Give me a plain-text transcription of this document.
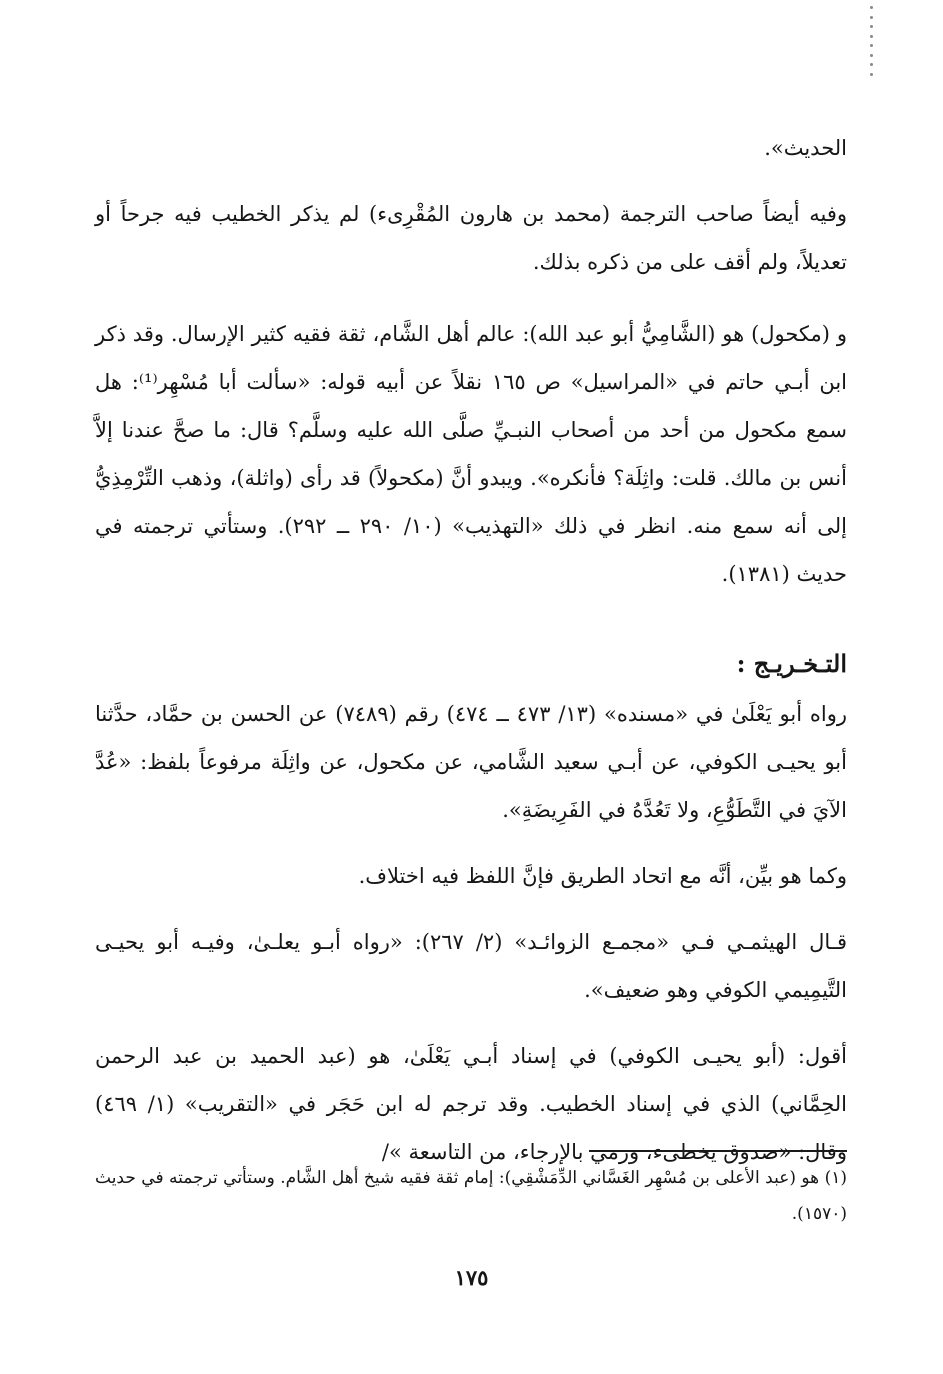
الحديث».

وفيه أيضاً صاحب الترجمة (محمد بن هارون المُقْرِىء) لم يذكر الخطيب فيه جرحاً أو تعديلاً، ولم أقف على من ذكره بذلك.

و (مكحول) هو (الشَّامِيُّ أبو عبد الله): عالم أهل الشَّام، ثقة فقيه كثير الإرسال. وقد ذكر ابن أبـي حاتم في «المراسيل» ص ١٦٥ نقلاً عن أبيه قوله: «سألت أبا مُسْهِر⁽¹⁾: هل سمع مكحول من أحد من أصحاب النبـيِّ صلَّى الله عليه وسلَّم؟ قال: ما صحَّ عندنا إلاَّ أنس بن مالك. قلت: واثِلَة؟ فأنكره». ويبدو أنَّ (مكحولاً) قد رأى (واثلة)، وذهب التِّرْمِذِيُّ إلى أنه سمع منه. انظر في ذلك «التهذيب» (١٠/ ٢٩٠ ــ ٢٩٢). وستأتي ترجمته في حديث (١٣٨١).

التـخـريـج :

رواه أبو يَعْلَىٰ في «مسنده» (١٣/ ٤٧٣ ــ ٤٧٤) رقم (٧٤٨٩) عن الحسن بن حمَّاد، حدَّثنا أبو يحيـى الكوفي، عن أبـي سعيد الشَّامي، عن مكحول، عن واثِلَة مرفوعاً بلفظ: «عُدَّ الآيَ في التَّطَوُّعِ، ولا تَعُدَّهُ في الفَرِيضَةِ».

وكما هو بيِّن، أنَّه مع اتحاد الطريق فإنَّ اللفظ فيه اختلاف.

قـال الهيثمـي فـي «مجمـع الزوائـد» (٢/ ٢٦٧): «رواه أبـو يعلـىٰ، وفيـه أبو يحيـى التَّيمِيمي الكوفي وهو ضعيف».

أقول: (أبو يحيـى الكوفي) في إسناد أبـي يَعْلَىٰ، هو (عبد الحميد بن عبد الرحمن الحِمَّاني) الذي في إسناد الخطيب. وقد ترجم له ابن حَجَر في «التقريب» (١/ ٤٦٩) وقال: «صدوق يخطىء، ورمي بالإرجاء، من التاسعة »/

(١) هو (عبد الأعلى بن مُسْهِر الغَسَّاني الدِّمَشْقِي): إمام ثقة فقيه شيخ أهل الشَّام. وستأتي ترجمته في حديث (١٥٧٠).

١٧٥
